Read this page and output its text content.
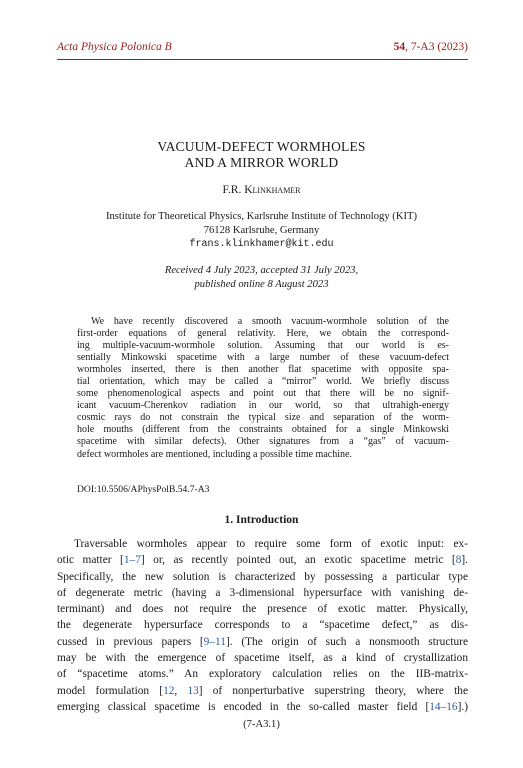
Acta Physica Polonica B	54, 7-A3 (2023)
VACUUM-DEFECT WORMHOLES
AND A MIRROR WORLD
F.R. Klinkhamer
Institute for Theoretical Physics, Karlsruhe Institute of Technology (KIT)
76128 Karlsruhe, Germany
frans.klinkhamer@kit.edu
Received 4 July 2023, accepted 31 July 2023,
published online 8 August 2023
We have recently discovered a smooth vacuum-wormhole solution of the
first-order equations of general relativity. Here, we obtain the correspond-
ing multiple-vacuum-wormhole solution. Assuming that our world is es-
sentially Minkowski spacetime with a large number of these vacuum-defect
wormholes inserted, there is then another flat spacetime with opposite spa-
tial orientation, which may be called a “mirror” world. We briefly discuss
some phenomenological aspects and point out that there will be no signif-
icant vacuum-Cherenkov radiation in our world, so that ultrahigh-energy
cosmic rays do not constrain the typical size and separation of the worm-
hole mouths (different from the constraints obtained for a single Minkowski
spacetime with similar defects). Other signatures from a “gas” of vacuum-
defect wormholes are mentioned, including a possible time machine.
DOI:10.5506/APhysPolB.54.7-A3
1. Introduction
Traversable wormholes appear to require some form of exotic input: ex-
otic matter [1–7] or, as recently pointed out, an exotic spacetime metric [8].
Specifically, the new solution is characterized by possessing a particular type
of degenerate metric (having a 3-dimensional hypersurface with vanishing de-
terminant) and does not require the presence of exotic matter. Physically,
the degenerate hypersurface corresponds to a “spacetime defect,” as dis-
cussed in previous papers [9–11]. (The origin of such a nonsmooth structure
may be with the emergence of spacetime itself, as a kind of crystallization
of “spacetime atoms.” An exploratory calculation relies on the IIB-matrix-
model formulation [12, 13] of nonperturbative superstring theory, where the
emerging classical spacetime is encoded in the so-called master field [14–16].)
(7-A3.1)
